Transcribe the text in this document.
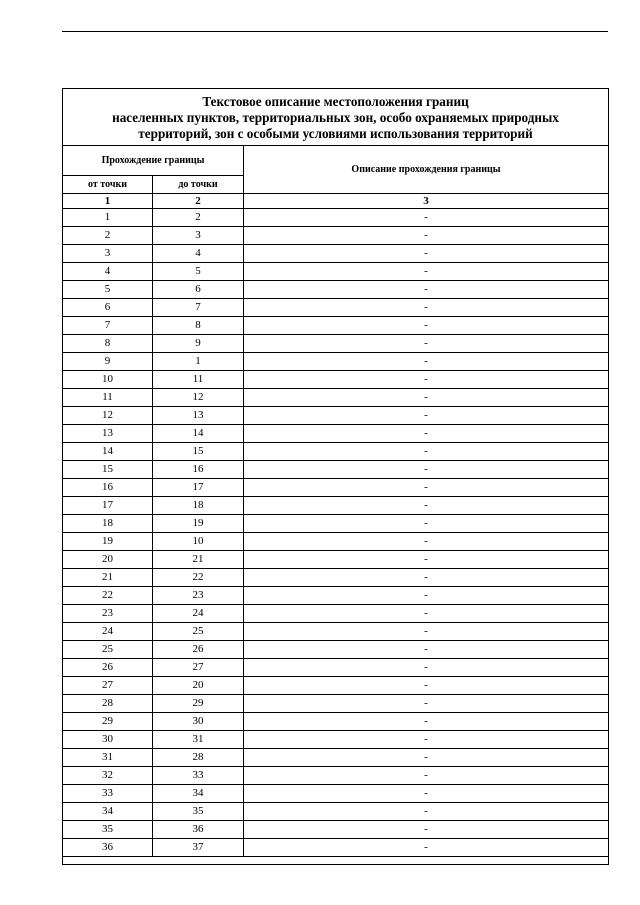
Текстовое описание местоположения границ
населенных пунктов, территориальных зон, особо охраняемых природных
территорий, зон с особыми условиями использования территорий		

Прохождение границы		Описание прохождения границы
от точки	до точки	
1	2	3
1	2	-
2	3	-
3	4	-
4	5	-
5	6	-
6	7	-
7	8	-
8	9	-
9	1	-
10	11	-
11	12	-
12	13	-
13	14	-
14	15	-
15	16	-
16	17	-
17	18	-
18	19	-
19	10	-
20	21	-
21	22	-
22	23	-
23	24	-
24	25	-
25	26	-
26	27	-
27	20	-
28	29	-
29	30	-
30	31	-
31	28	-
32	33	-
33	34	-
34	35	-
35	36	-
36	37	-
